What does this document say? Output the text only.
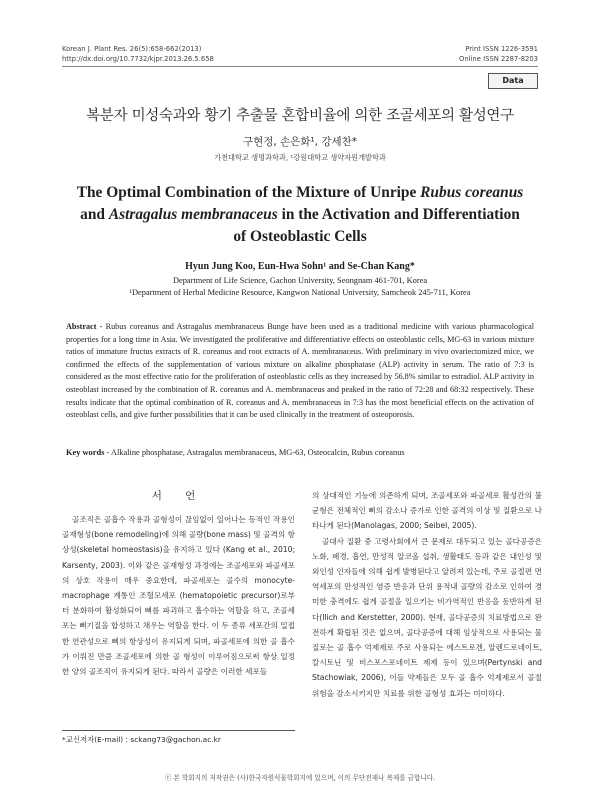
Korean J. Plant Res. 26(5):658-662(2013)
http://dx.doi.org/10.7732/kjpr.2013.26.5.658
Print ISSN 1226-3591
Online ISSN 2287-8203
Data
복분자 미성숙과와 황기 추출물 혼합비율에 의한 조골세포의 활성연구
구현정, 손은화¹, 강세찬*
가천대학교 생명과학과, ¹강원대학교 생약자원개발학과
The Optimal Combination of the Mixture of Unripe Rubus coreanus
and Astragalus membranaceus in the Activation and Differentiation
of Osteoblastic Cells
Hyun Jung Koo, Eun-Hwa Sohn¹ and Se-Chan Kang*
Department of Life Science, Gachon University, Seongnam 461-701, Korea
¹Department of Herbal Medicine Resource, Kangwon National University, Samcheok 245-711, Korea
Abstract - Rubus coreanus and Astragalus membranaceus Bunge have been used as a traditional medicine with various pharmacological properties for a long time in Asia. We investigated the proliferative and differentiative effects on osteoblastic cells, MG-63 in various mixture ratios of immature fructus extracts of R. coreanus and root extracts of A. membranaceus. With preliminary in vivo ovariectomized mice, we confirmed the effects of the supplementation of various mixture on alkaline phosphatase (ALP) activity in serum. The ratio of 7:3 is considered as the most effective ratio for the proliferation of osteoblastic cells as they increased by 56.8% similar to estradiol. ALP activity in osteoblast increased by the combination of R. coreanus and A. membranaceus and peaked in the ratio of 72:28 and 68:32 respectively. These results indicate that the optimal combination of R. coreanus and A. membranaceus in 7:3 has the most beneficial effects on the activation of osteoblast cells, and give further possibilities that it can be used clinically in the treatment of osteoporosis.
Key words - Alkaline phosphatase, Astragalus membranaceus, MG-63, Osteocalcin, Rubus coreanus
서 언

골조직은 골흡수 작용과 골형성이 끊임없이 일어나는 동적인 작용인 골재형성(bone remodeling)에 의해 골량(bone mass) 및 골격의 항상성(skeletal homeostasis)을 유지하고 있다 (Kang et al., 2010; Karsenty, 2003). 이와 같은 골재형성 과정에는 조골세포와 파골세포의 상호 작용이 매우 중요한데, 파골세포는 골수의 monocyte-macrophage 계통인 조혈모세포 (hematopoietic precursor)로부터 분화하여 활성화되어 뼈를 파괴하고 흡수하는 역할을 하고, 조골세포는 뼈기질을 합성하고 채우는 역할을 한다. 이 두 종류 세포간의 밀접한 연관성으로 뼈의 항상성이 유지되게 되며, 파골세포에 의한 골 흡수가 이뤄진 만큼 조골세포에 의한 골 형성이 이루어짐으로써 항상 일정한 양의 골조직이 유지되게 된다. 따라서 골량은 이러한 세포들

의 상대적인 기능에 의존하게 되며, 조골세포와 파골세포 활성간의 불균형은 전체적인 뼈의 감소나 증가로 인한 골격의 이상 및 질환으로 나타나게 된다(Manolagas, 2000; Seibel, 2005).

골대사 질환 중 고령사회에서 큰 문제로 대두되고 있는 골다공증은 노화, 폐경, 흡연, 만성적 알코올 섭취, 생활태도 등과 같은 내인성 및 외인성 인자들에 의해 쉽게 발병된다고 알려져 있는데, 주로 골절편 면역세포의 만성적인 염증 반응과 단위 용적내 골량의 감소로 인하여 경미한 충격에도 쉽게 골절을 일으키는 비가역적인 반응을 동반하게 된다(Ilich and Kerstetter, 2000). 현재, 골다공증의 치료방법으로 완전하게 확립된 것은 없으며, 골다공증에 대해 임상적으로 사용되는 물질로는 골 흡수 억제제로 주로 사용되는 에스트로겐, 알렌드로네이트, 칼시토닌 및 비스포스포네이트 제제 등이 있으며(Pertynski and Stachowiak, 2006), 이들 약제들은 모두 골 흡수 억제제로서 골절 위험을 감소시키지만 치료를 위한 골형성 효과는 미미하다.

*교신저자(E-mail) : sckang73@gachon.ac.kr
ⓒ 본 학회지의 저작권은 (사)한국자원식물학회지에 있으며, 이의 무단전재나 복제를 금합니다.
